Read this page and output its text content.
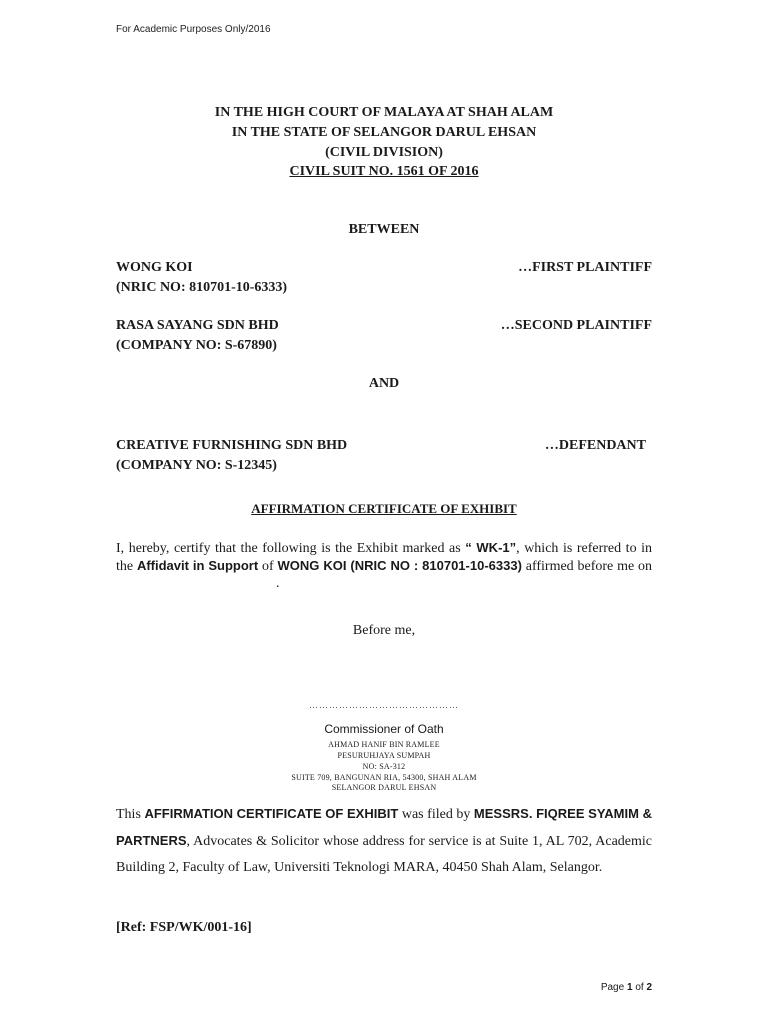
For Academic Purposes Only/2016
IN THE HIGH COURT OF MALAYA AT SHAH ALAM
IN THE STATE OF SELANGOR DARUL EHSAN
(CIVIL DIVISION)
CIVIL SUIT NO. 1561 OF 2016
BETWEEN
WONG KOI	…FIRST PLAINTIFF
(NRIC NO: 810701-10-6333)
RASA SAYANG SDN BHD	…SECOND PLAINTIFF
(COMPANY NO: S-67890)
AND
CREATIVE FURNISHING SDN BHD	…DEFENDANT
(COMPANY NO: S-12345)
AFFIRMATION CERTIFICATE OF EXHIBIT
I, hereby, certify that the following is the Exhibit marked as “ WK-1”, which is referred to in the Affidavit in Support of WONG KOI (NRIC NO : 810701-10-6333) affirmed before me on.
Before me,
………………………………………
Commissioner of Oath
AHMAD HANIF BIN RAMLEE
PESURUHJAYA SUMPAH
NO: SA-312
SUITE 709, BANGUNAN RIA, 54300, SHAH ALAM
SELANGOR DARUL EHSAN
This AFFIRMATION CERTIFICATE OF EXHIBIT was filed by MESSRS. FIQREE SYAMIM & PARTNERS, Advocates & Solicitor whose address for service is at Suite 1, AL 702, Academic Building 2, Faculty of Law, Universiti Teknologi MARA, 40450 Shah Alam, Selangor.
[Ref: FSP/WK/001-16]
Page 1 of 2
